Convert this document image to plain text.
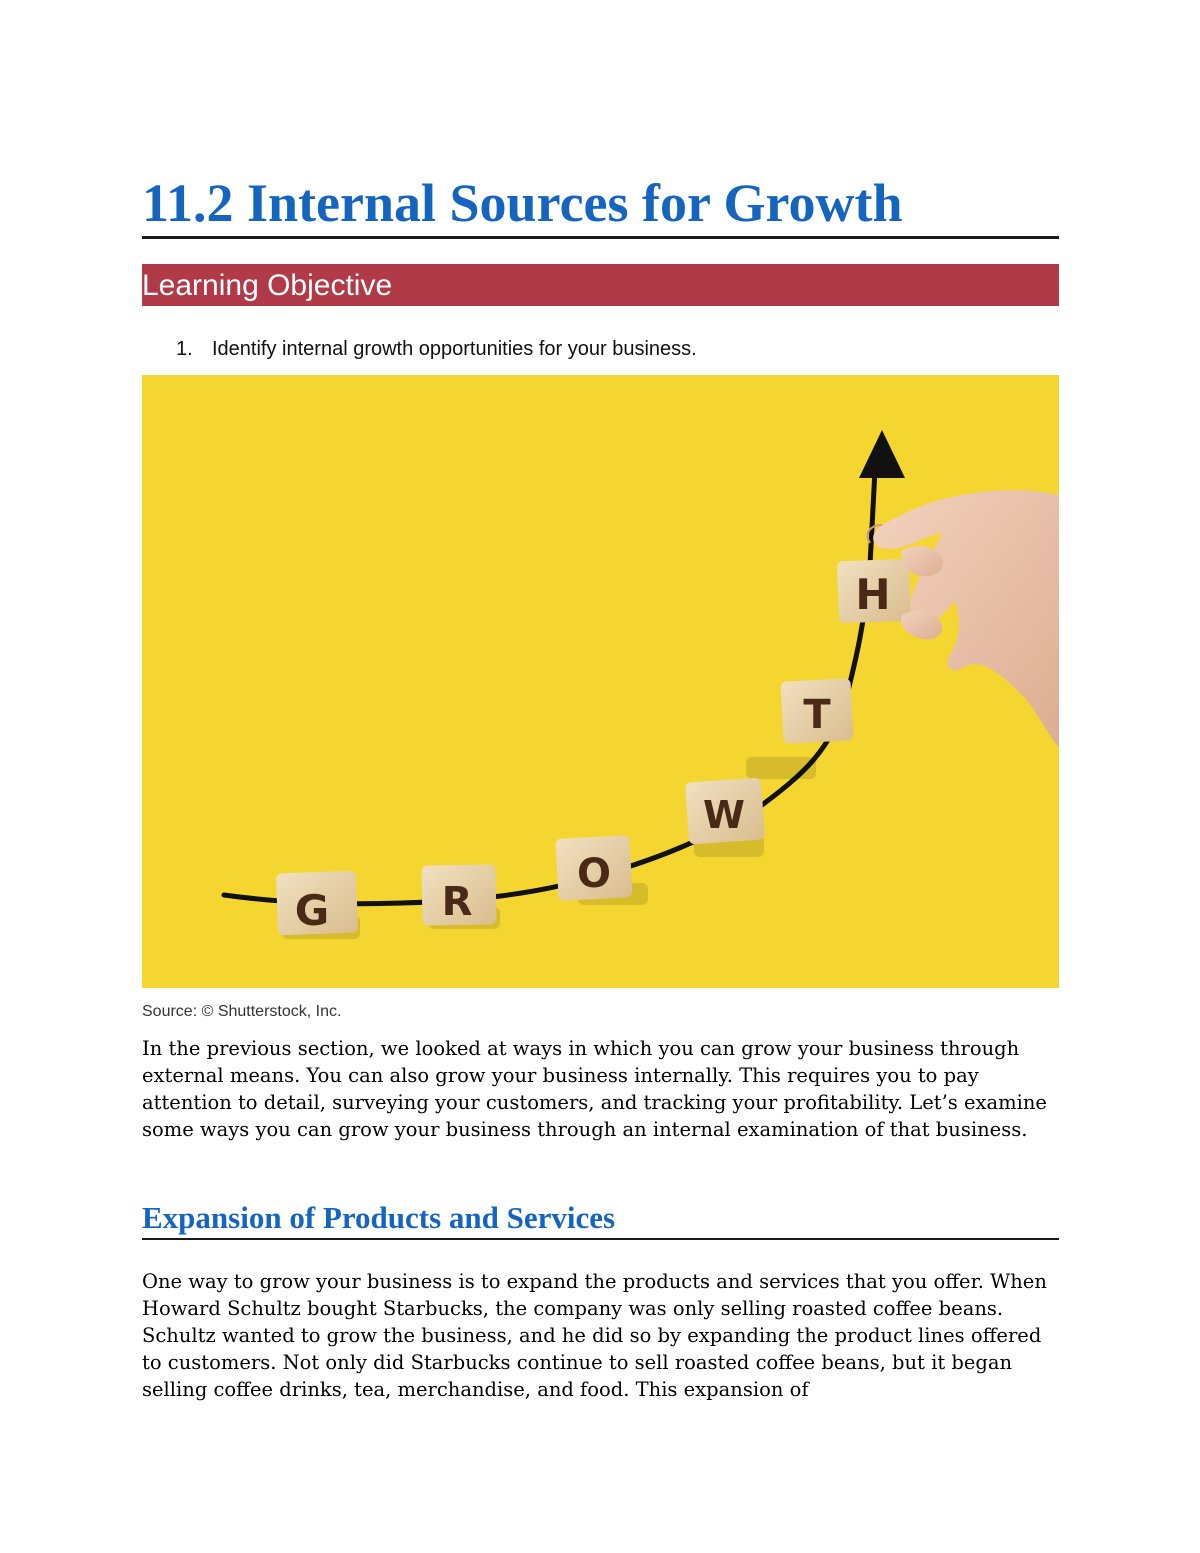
11.2 Internal Sources for Growth
Learning Objective
1. Identify internal growth opportunities for your business.
G	R
O
W
T
H
Source: © Shutterstock, Inc.

In the previous section, we looked at ways in which you can grow your business through external means. You can also grow your business internally. This requires you to pay attention to detail, surveying your customers, and tracking your profitability. Let’s examine some ways you can grow your business through an internal examination of that business.

Expansion of Products and Services

One way to grow your business is to expand the products and services that you offer. When Howard Schultz bought Starbucks, the company was only selling roasted coffee beans. Schultz wanted to grow the business, and he did so by expanding the product lines offered to customers. Not only did Starbucks continue to sell roasted coffee beans, but it began selling coffee drinks, tea, merchandise, and food. This expansion of
